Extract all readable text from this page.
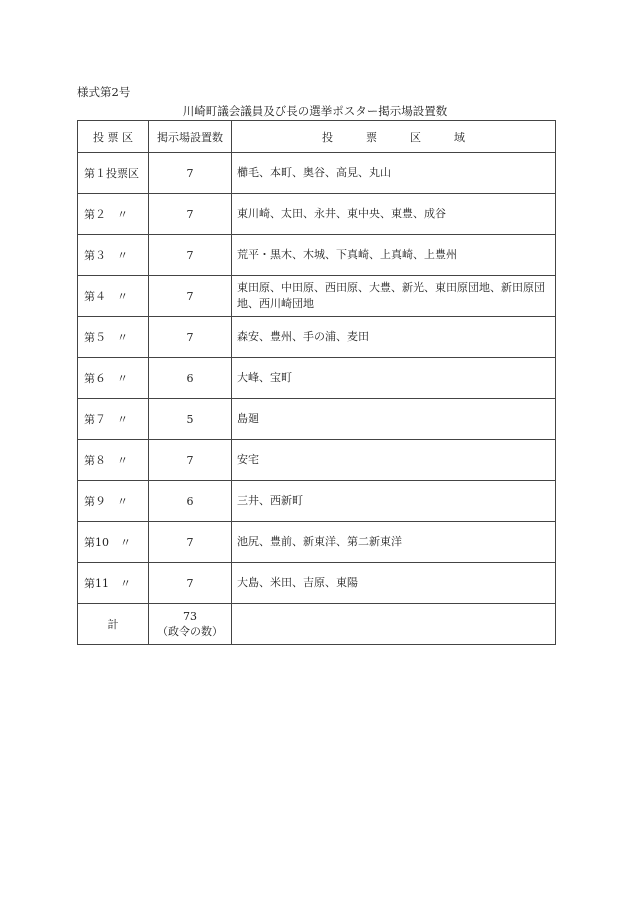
様式第2号
川崎町議会議員及び長の選挙ポスター掲示場設置数
投 票 区	掲示場設置数	投　　　票　　　区　　　域
第１投票区	7	櫛毛、本町、奥谷、高見、丸山
第２　〃	7	東川崎、太田、永井、東中央、東豊、成谷
第３　〃	7	荒平・黒木、木城、下真崎、上真崎、上豊州
第４　〃	7	東田原、中田原、西田原、大豊、新光、東田原団地、新田原団地、西川崎団地
第５　〃	7	森安、豊州、手の浦、麦田
第６　〃	6	大峰、宝町
第７　〃	5	島廻
第８　〃	7	安宅
第９　〃	6	三井、西新町
第10　〃	7	池尻、豊前、新東洋、第二新東洋
第11　〃	7	大島、米田、吉原、東陽
計	73
（政令の数）	
